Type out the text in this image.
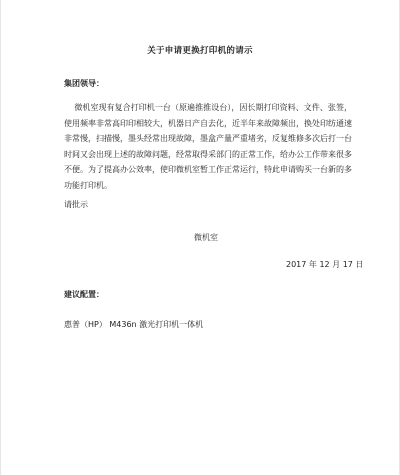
关于申请更换打印机的请示
集团领导：
微机室现有复合打印机一台（原遍推推设台），因长期打印资料、文件、张签，使用频率非常高印印相较大，机器日产自去化，近半年来故障频出，换处印纺通速非常慢，扫描慢，墨头经常出现故障，墨盒产量严重堵劣，反复维修多次后打一台时间又会出现上述的故障问题，经常取得采部门的正常工作，给办公工作带来很多不便。为了提高办公效率，使印微机室暂工作正常运行，特此申请购买一台新的多功能打印机。
请批示
微机室
2017 年 12 月 17 日
建议配置：
惠普（HP） M436n 激光打印机一体机
